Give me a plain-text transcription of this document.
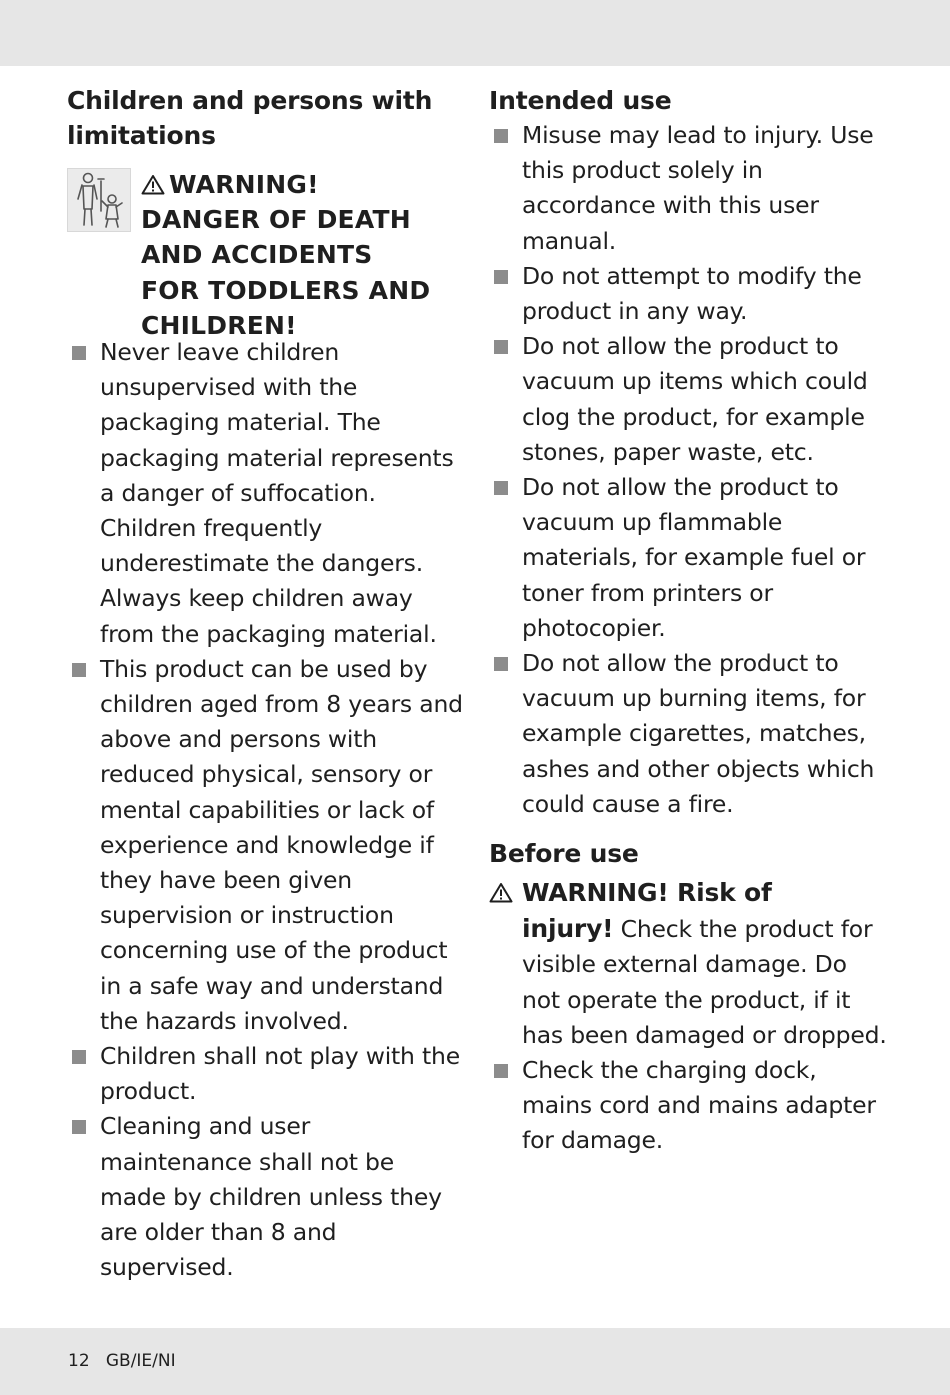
Children and persons with limitations
WARNING!
DANGER OF DEATH
AND ACCIDENTS
FOR TODDLERS AND
CHILDREN!
Never leave children unsupervised with the packaging material. The packaging material represents a danger of suffocation. Children frequently underestimate the dangers. Always keep children away from the packaging material.
This product can be used by children aged from 8 years and above and persons with reduced physical, sensory or mental capabilities or lack of experience and knowledge if they have been given supervision or instruction concerning use of the product in a safe way and understand the hazards involved.
Children shall not play with the product.
Cleaning and user maintenance shall not be made by children unless they are older than 8 and supervised.
Intended use
Misuse may lead to injury. Use this product solely in accordance with this user manual.
Do not attempt to modify the product in any way.
Do not allow the product to vacuum up items which could clog the product, for example stones, paper waste, etc.
Do not allow the product to vacuum up flammable materials, for example fuel or toner from printers or photocopier.
Do not allow the product to vacuum up burning items, for example cigarettes, matches, ashes and other objects which could cause a fire.
Before use
WARNING! Risk of
injury! Check the product for visible external damage. Do not operate the product, if it has been damaged or dropped.
Check the charging dock, mains cord and mains adapter for damage.
12 GB/IE/NI
